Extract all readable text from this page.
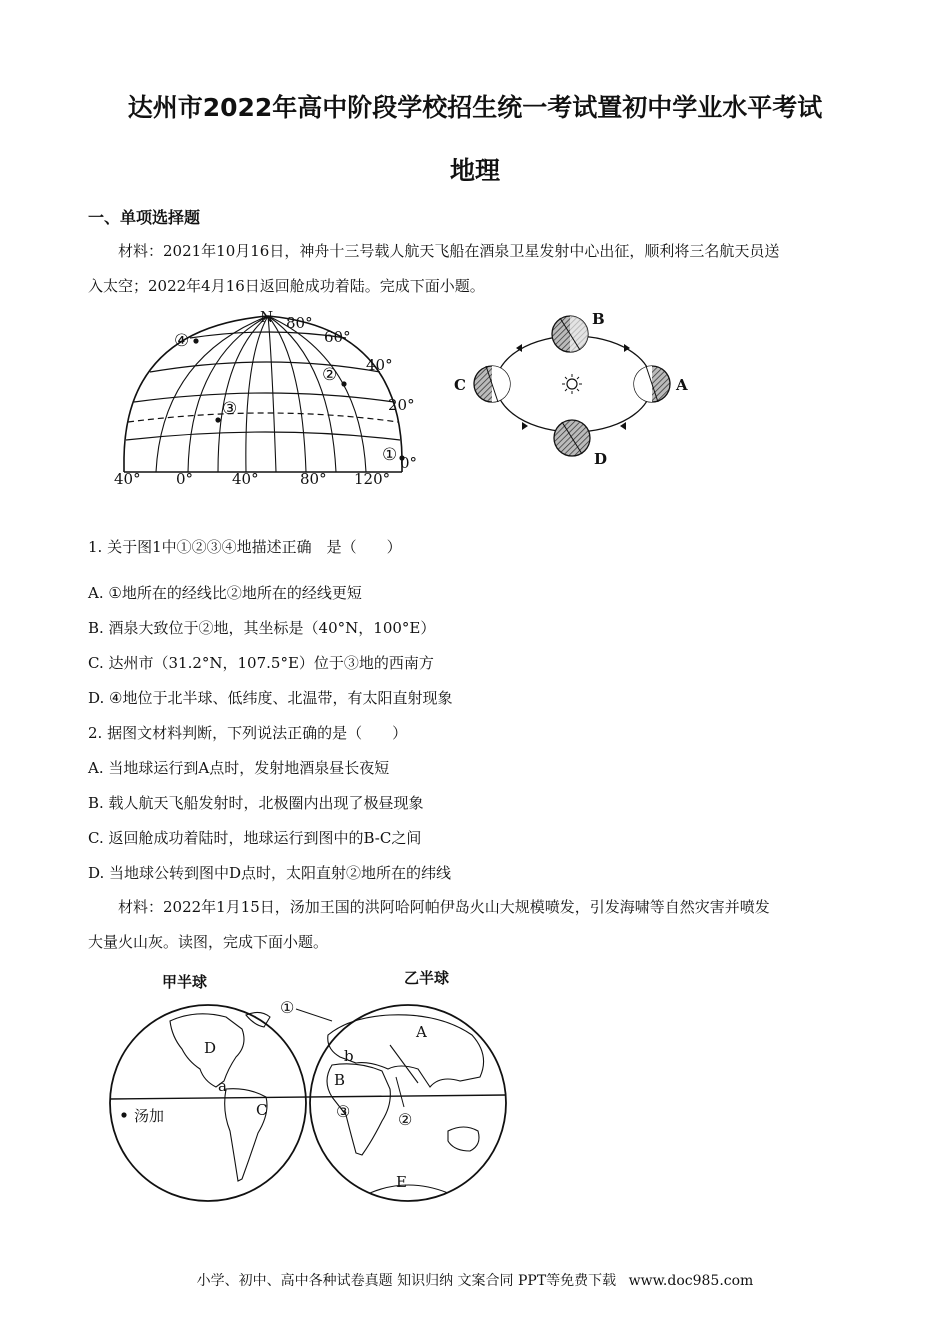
达州市2022年高中阶段学校招生统一考试置初中学业水平考试
地理
一、单项选择题
材料：2021年10月16日，神舟十三号载人航天飞船在酒泉卫星发射中心出征，顺利将三名航天员送
入太空；2022年4月16日返回舱成功着陆。完成下面小题。
N 80°
60°
40°
20°
0°
40° 0°	40°	80° 120°
①
②
③
④
A
B
C
D
1. 关于图1中①②③④地描述正确　是（　　）
A. ①地所在的经线比②地所在的经线更短
B. 酒泉大致位于②地，其坐标是（40°N，100°E）
C. 达州市（31.2°N，107.5°E）位于③地的西南方
D. ④地位于北半球、低纬度、北温带，有太阳直射现象
2. 据图文材料判断，下列说法正确的是（　　）
A. 当地球运行到A点时，发射地酒泉昼长夜短
B. 载人航天飞船发射时，北极圈内出现了极昼现象
C. 返回舱成功着陆时，地球运行到图中的B-C之间
D. 当地球公转到图中D点时，太阳直射②地所在的纬线
材料：2022年1月15日，汤加王国的洪阿哈阿帕伊岛火山大规模喷发，引发海啸等自然灾害并喷发
大量火山灰。读图，完成下面小题。
甲半球	乙半球
D
a
C
汤加
A
b
B
E
①
②
③
小学、初中、高中各种试卷真题 知识归纳 文案合同 PPT等免费下载 www.doc985.com
